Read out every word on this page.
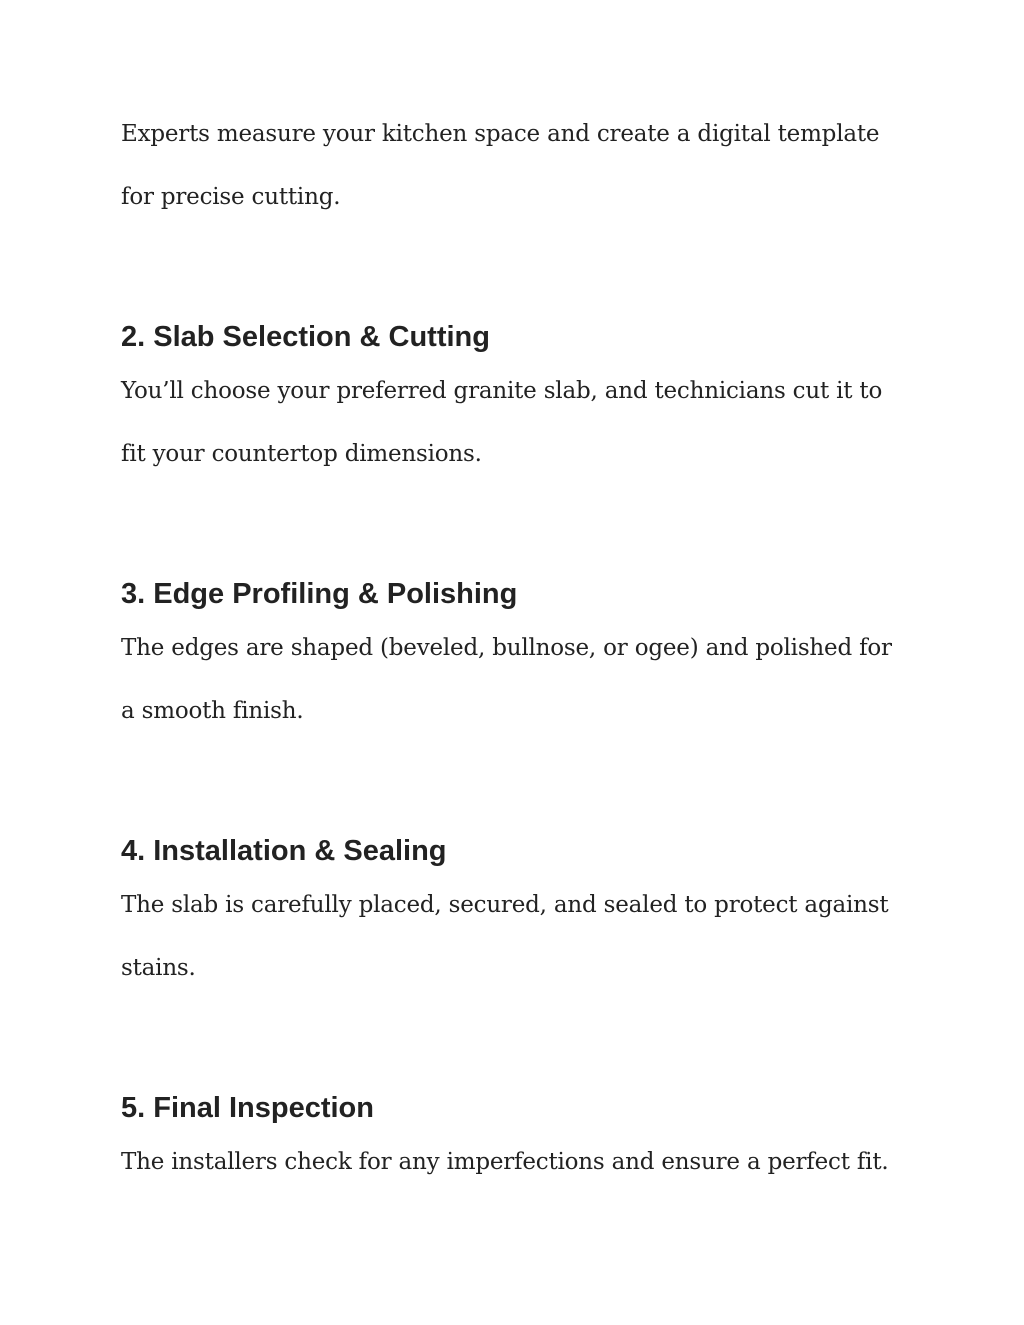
Experts measure your kitchen space and create a digital template for precise cutting.

2. Slab Selection & Cutting

You’ll choose your preferred granite slab, and technicians cut it to fit your countertop dimensions.

3. Edge Profiling & Polishing

The edges are shaped (beveled, bullnose, or ogee) and polished for a smooth finish.

4. Installation & Sealing

The slab is carefully placed, secured, and sealed to protect against stains.

5. Final Inspection

The installers check for any imperfections and ensure a perfect fit.
